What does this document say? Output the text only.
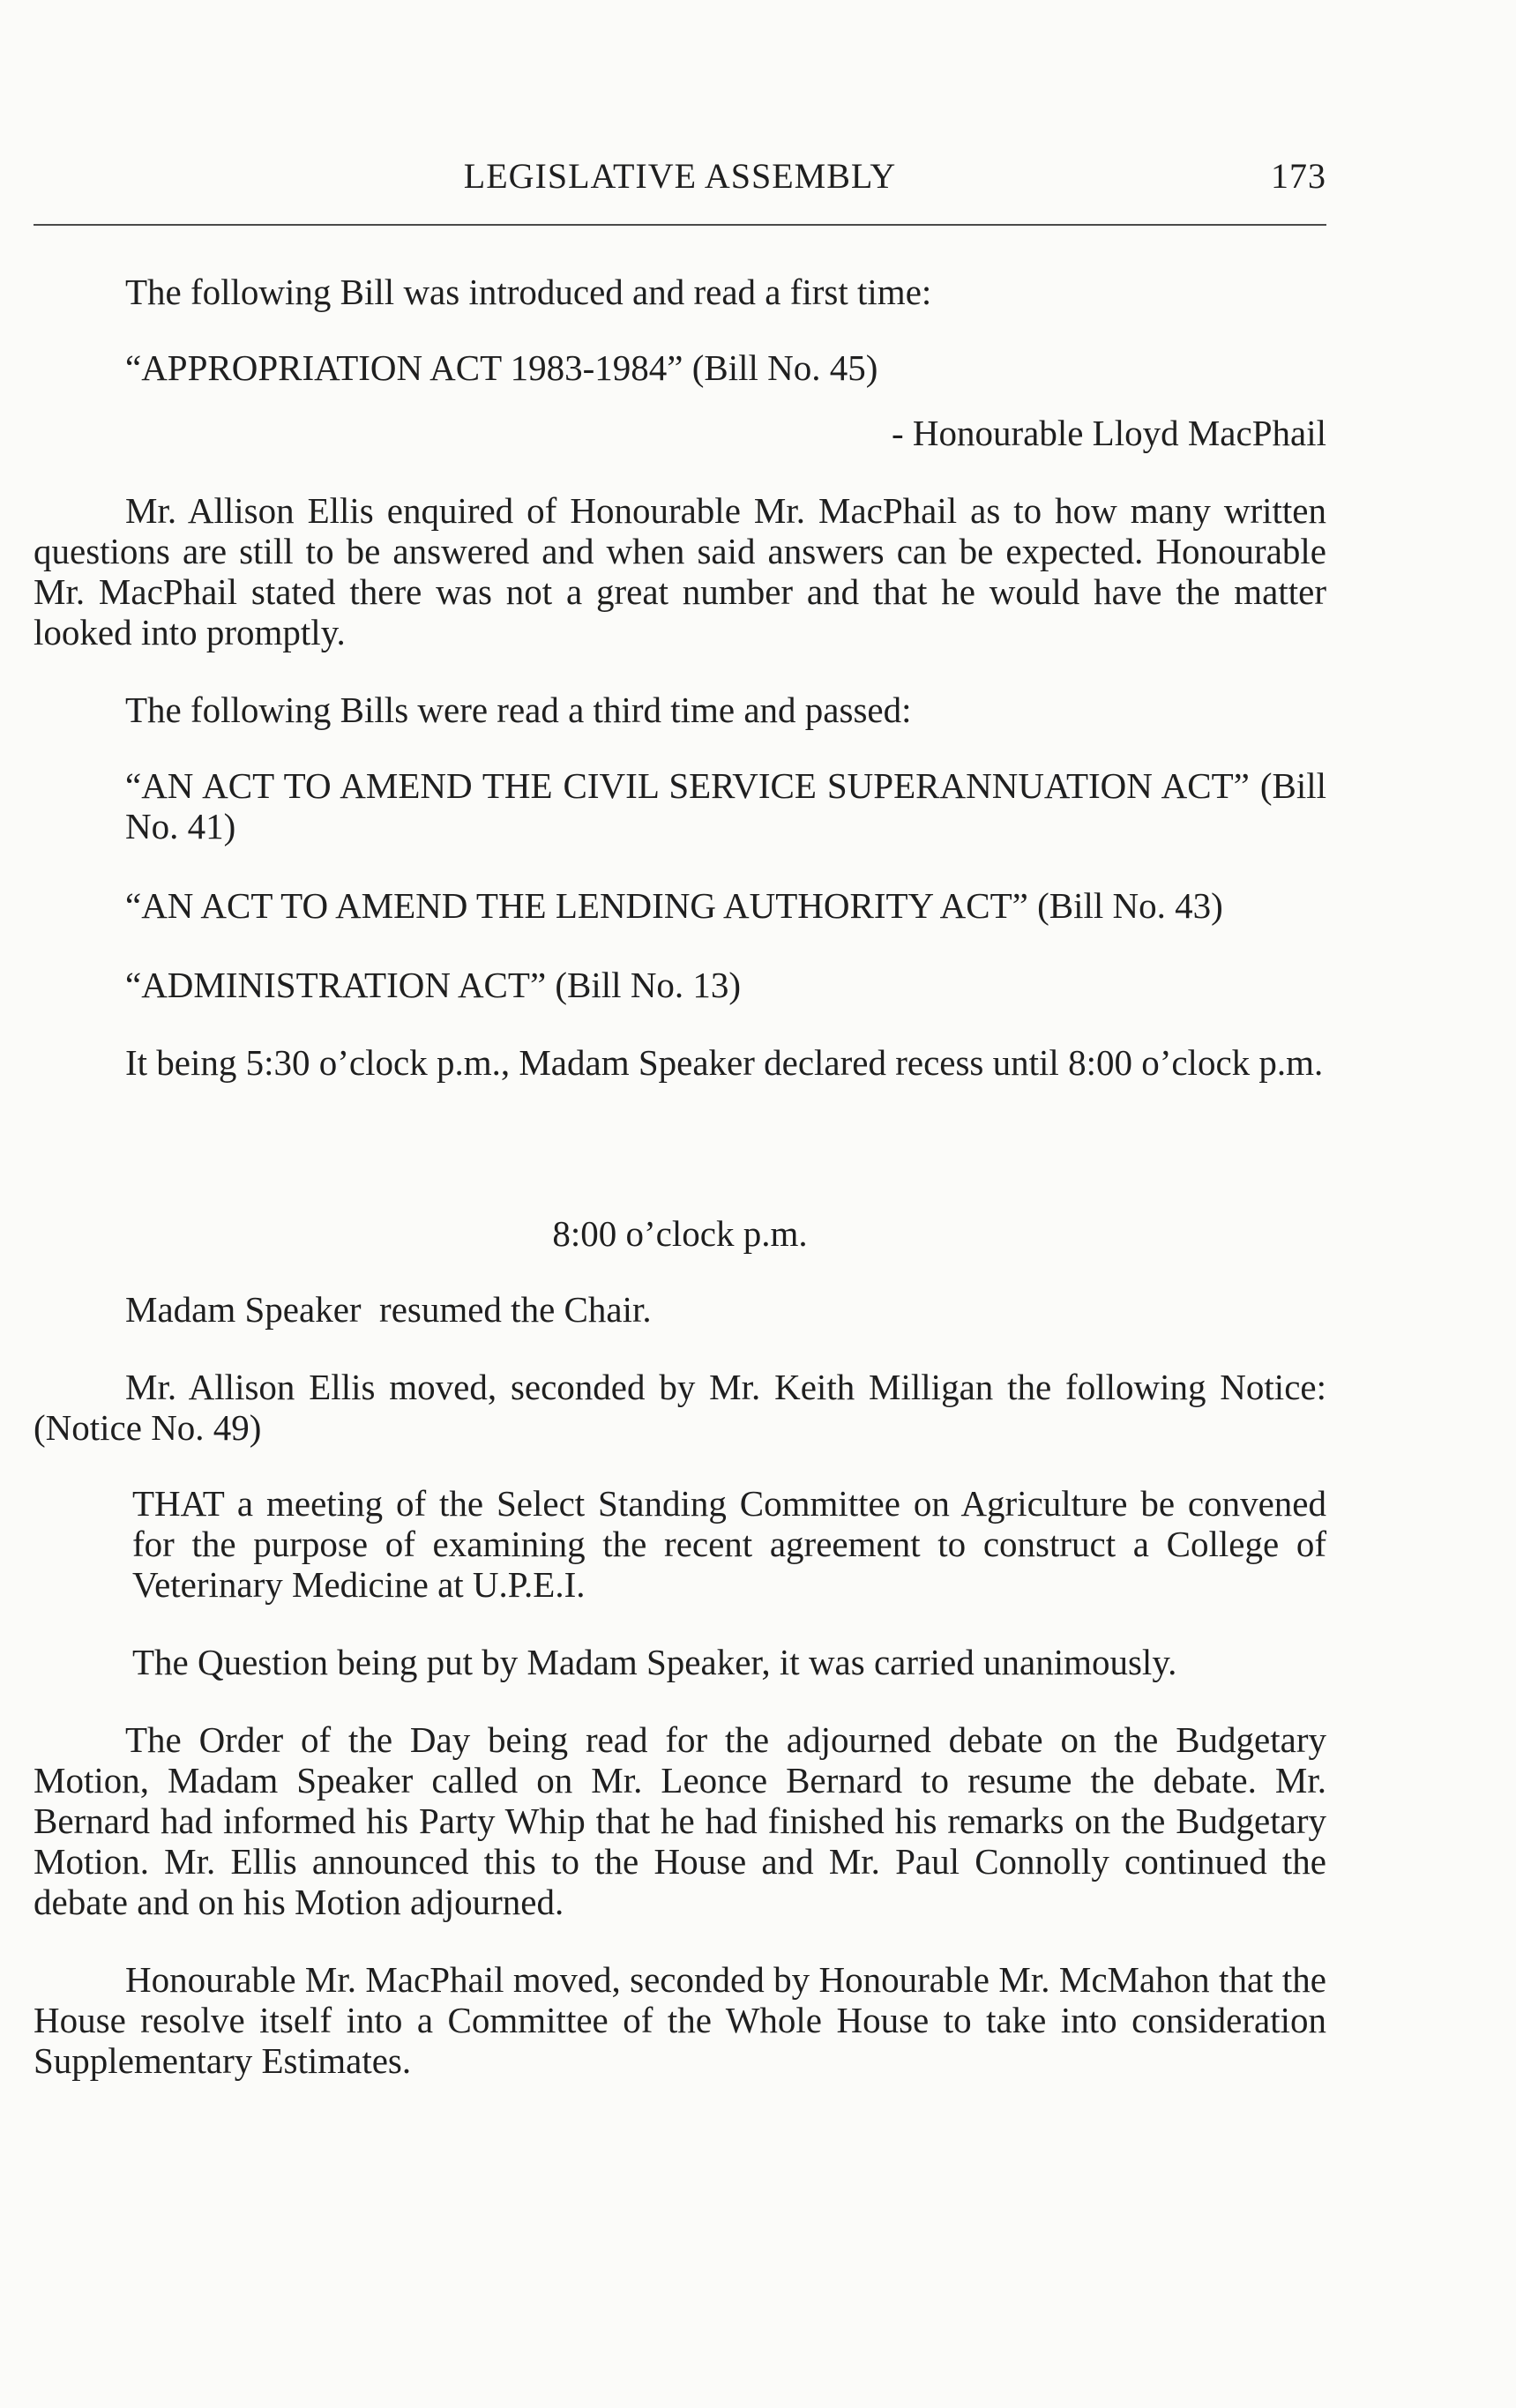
LEGISLATIVE ASSEMBLY	173

The following Bill was introduced and read a first time:

“APPROPRIATION ACT 1983-1984” (Bill No. 45)

- Honourable Lloyd MacPhail

Mr. Allison Ellis enquired of Honourable Mr. MacPhail as to how many written questions are still to be answered and when said answers can be expected. Honourable Mr. MacPhail stated there was not a great number and that he would have the matter looked into promptly.

The following Bills were read a third time and passed:

“AN ACT TO AMEND THE CIVIL SERVICE SUPERANNUATION ACT” (Bill No. 41)

“AN ACT TO AMEND THE LENDING AUTHORITY ACT” (Bill No. 43)

“ADMINISTRATION ACT” (Bill No. 13)

It being 5:30 o’clock p.m., Madam Speaker declared recess until 8:00 o’clock p.m.

8:00 o’clock p.m.

Madam Speaker  resumed the Chair.

Mr. Allison Ellis moved, seconded by Mr. Keith Milligan the following Notice: (Notice No. 49)

THAT a meeting of the Select Standing Committee on Agriculture be convened for the purpose of examining the recent agreement to construct a College of Veterinary Medicine at U.P.E.I.

The Question being put by Madam Speaker, it was carried unanimously.

The Order of the Day being read for the adjourned debate on the Budgetary Motion, Madam Speaker called on Mr. Leonce Bernard to resume the debate. Mr. Bernard had informed his Party Whip that he had finished his remarks on the Budgetary Motion. Mr. Ellis announced this to the House and Mr. Paul Connolly continued the debate and on his Motion adjourned.

Honourable Mr. MacPhail moved, seconded by Honourable Mr. McMahon that the House resolve itself into a Committee of the Whole House to take into consideration Supplementary Estimates.
